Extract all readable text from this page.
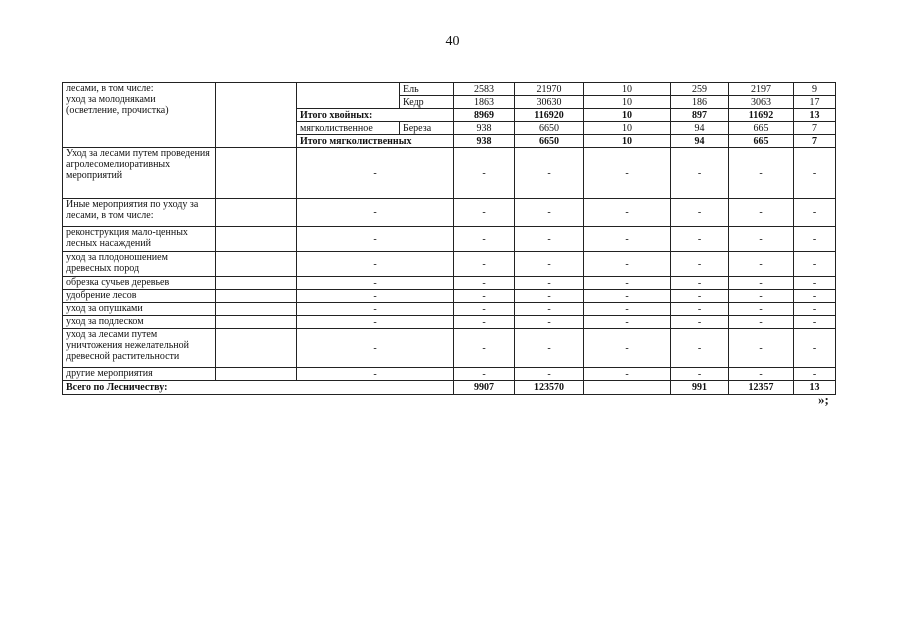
40
лесами, в том числе:
уход за молодняками
(осветление, прочистка)			Ель	2583	21970	10	259	2197	9
			Кедр	1863	30630	10	186	3063	17
		Итого хвойных:		8969	116920	10	897	11692	13
		мягколиственное	Береза	938	6650	10	94	665	7
		Итого мягколиственных		938	6650	10	94	665	7
Уход за лесами путем проведения агролесомелиоративных мероприятий		-		-	-	-	-	-	-
Иные мероприятия по уходу за лесами, в том числе:		-		-	-	-	-	-	-
реконструкция мало-ценных лесных насаждений		-		-	-	-	-	-	-
уход за плодоношением древесных пород		-		-	-	-	-	-	-
обрезка сучьев деревьев		-		-	-	-	-	-	-
удобрение лесов		-		-	-	-	-	-	-
уход за опушками		-		-	-	-	-	-	-
уход за подлеском		-		-	-	-	-	-	-
уход за лесами путем уничтожения нежелательной древесной растительности		-		-	-	-	-	-	-
другие мероприятия		-		-	-	-	-	-	-
Всего по Лесничеству:				9907	123570		991	12357	13
»;
